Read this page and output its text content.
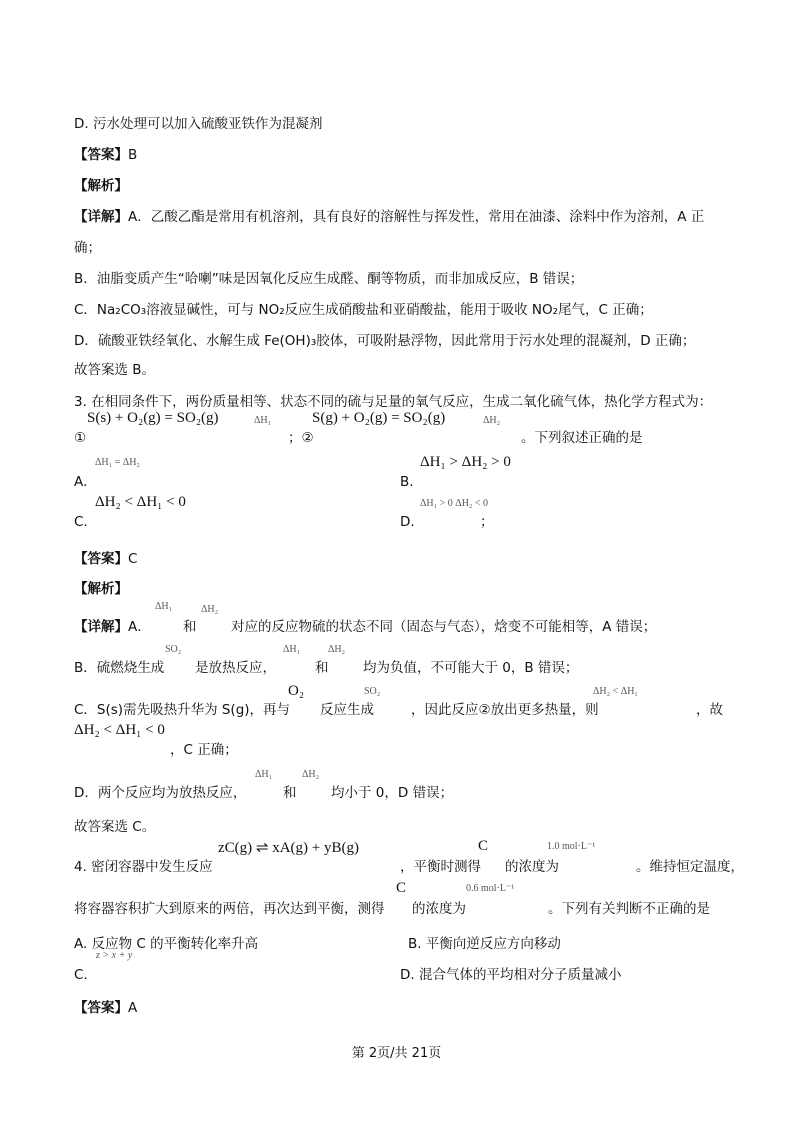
D. 污水处理可以加入硫酸亚铁作为混凝剂
【答案】B
【解析】
【详解】A．乙酸乙酯是常用有机溶剂，具有良好的溶解性与挥发性，常用在油漆、涂料中作为溶剂，A 正
确；
B．油脂变质产生“哈喇”味是因氧化反应生成醛、酮等物质，而非加成反应，B 错误；
C．Na₂CO₃溶液显碱性，可与 NO₂反应生成硝酸盐和亚硝酸盐，能用于吸收 NO₂尾气，C 正确；
D．硫酸亚铁经氧化、水解生成 Fe(OH)₃胶体，可吸附悬浮物，因此常用于污水处理的混凝剂，D 正确；
故答案选 B。
3. 在相同条件下，两份质量相等、状态不同的硫与足量的氧气反应，生成二氧化硫气体，热化学方程式为：
①
S(s) + O₂(g) = SO₂(g)	ΔH₁
；②
S(g) + O₂(g) = SO₂(g)	ΔH₂
。下列叙述正确的是
ΔH₁ = ΔH₂
A.
ΔH₁ > ΔH₂ > 0
B.
ΔH₂ < ΔH₁ < 0
C.
ΔH₁ > 0 ΔH₂ < 0
D.	；
【答案】C
【解析】
ΔH₁	ΔH₂
【详解】A． 和	对应的反应物硫的状态不同（固态与气态），焓变不可能相等，A 错误；
SO₂	ΔH₁	ΔH₂
B．硫燃烧生成 是放热反应，	和	均为负值，不可能大于 0，B 错误；
O₂	SO₂	ΔH₂ < ΔH₁
C．S(s)需先吸热升华为 S(g)，再与 反应生成	，因此反应②放出更多热量，则	，故
ΔH₂ < ΔH₁ < 0
，C 正确；
ΔH₁	ΔH₂
D．两个反应均为放热反应，	和	均小于 0，D 错误；
故答案选 C。
zC(g) ⇌ xA(g) + yB(g)	C	1.0 mol·L⁻¹
4. 密闭容器中发生反应	，平衡时测得 的浓度为	。维持恒定温度，
C	0.6 mol·L⁻¹
将容器容积扩大到原来的两倍，再次达到平衡，测得 的浓度为	。下列有关判断不正确的是
A. 反应物 C 的平衡转化率升高	B. 平衡向逆反应方向移动
z > x + y
C.	D. 混合气体的平均相对分子质量减小
【答案】A
第 2页/共 21页
